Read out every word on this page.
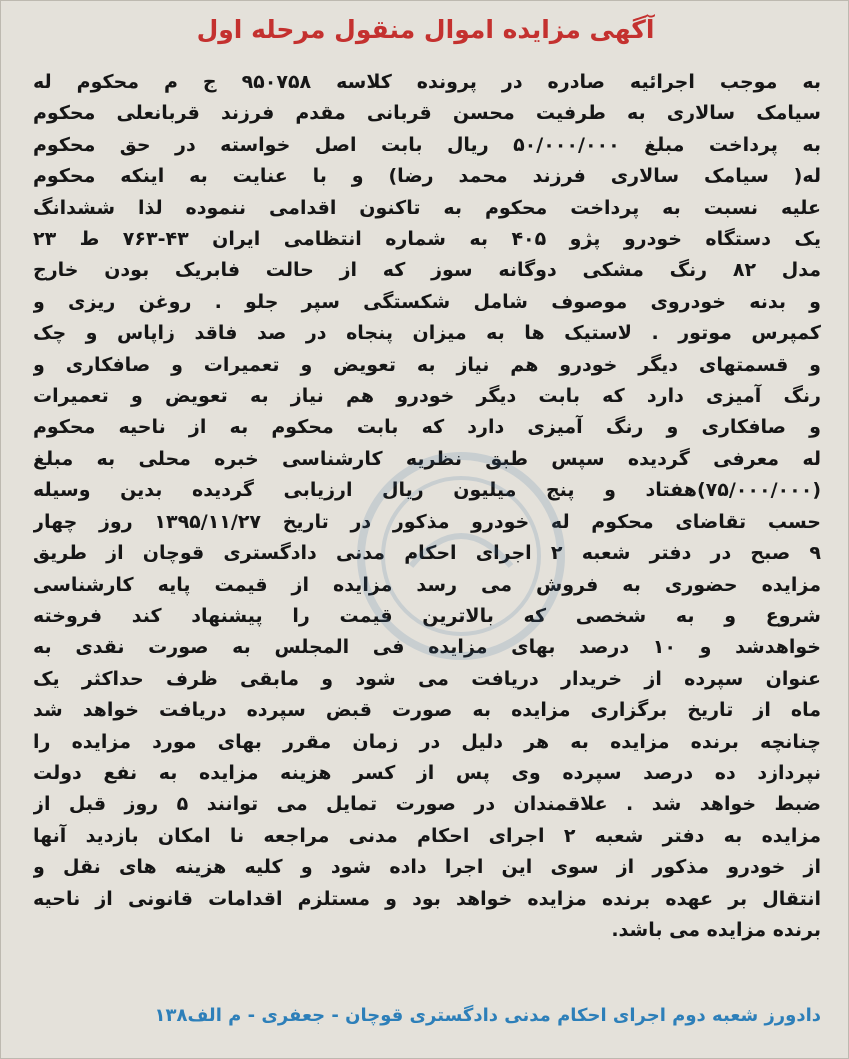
آگهی مزایده اموال منقول مرحله اول
به موجب اجرائیه صادره در پرونده کلاسه ۹۵۰۷۵۸ ج م محکوم له
سیامک سالاری به طرفیت محسن قربانی مقدم فرزند قربانعلی محکوم
به پرداخت مبلغ ۵۰/۰۰۰/۰۰۰ ریال بابت اصل خواسته در حق محکوم
له( سیامک سالاری فرزند محمد رضا) و با عنایت به اینکه محکوم
علیه نسبت به پرداخت محکوم به تاکنون اقدامی ننموده لذا ششدانگ
یک دستگاه خودرو پژو ۴۰۵ به شماره انتظامی ایران ۴۳-۷۶۳ ط ۲۳
مدل ۸۲ رنگ مشکی دوگانه سوز که از حالت فابریک بودن خارج
و بدنه خودروی موصوف شامل شکستگی سپر جلو . روغن ریزی و
کمپرس موتور . لاستیک ها به میزان پنجاه در صد فاقد زاپاس و چک
و قسمتهای دیگر خودرو هم نیاز به تعویض و تعمیرات و صافکاری و
رنگ آمیزی دارد که بابت دیگر خودرو هم نیاز به تعویض و تعمیرات
و صافکاری و رنگ آمیزی دارد که بابت محکوم به از ناحیه محکوم
له معرفی گردیده سپس طبق نظریه کارشناسی خبره محلی به مبلغ
(۷۵/۰۰۰/۰۰۰)هفتاد و پنج میلیون ریال ارزیابی گردیده بدین وسیله
حسب تقاضای محکوم له خودرو مذکور در تاریخ ۱۳۹۵/۱۱/۲۷ روز چهار
۹ صبح در دفتر شعبه ۲ اجرای احکام مدنی دادگستری قوچان از طریق
مزایده حضوری به فروش می رسد مزایده از قیمت پایه کارشناسی
شروع و به شخصی که بالاترین قیمت را پیشنهاد کند فروخته
خواهدشد و ۱۰ درصد بهای مزایده فی المجلس به صورت نقدی به
عنوان سپرده از خریدار دریافت می شود و مابقی ظرف حداکثر یک
ماه از تاریخ برگزاری مزایده به صورت قبض سپرده دریافت خواهد شد
چنانچه برنده مزایده به هر دلیل در زمان مقرر بهای مورد مزایده را
نپردازد ده درصد سپرده وی پس از کسر هزینه مزایده به نفع دولت
ضبط خواهد شد . علاقمندان در صورت تمایل می توانند ۵ روز قبل از
مزایده به دفتر شعبه ۲ اجرای احکام مدنی مراجعه نا امکان بازدید آنها
از خودرو مذکور از سوی این اجرا داده شود و کلیه هزینه های نقل و
انتقال بر عهده برنده مزایده خواهد بود و مستلزم اقدامات قانونی از ناحیه
برنده مزایده می باشد.
دادورز شعبه دوم اجرای احکام مدنی دادگستری قوچان - جعفری - م الف۱۳۸
